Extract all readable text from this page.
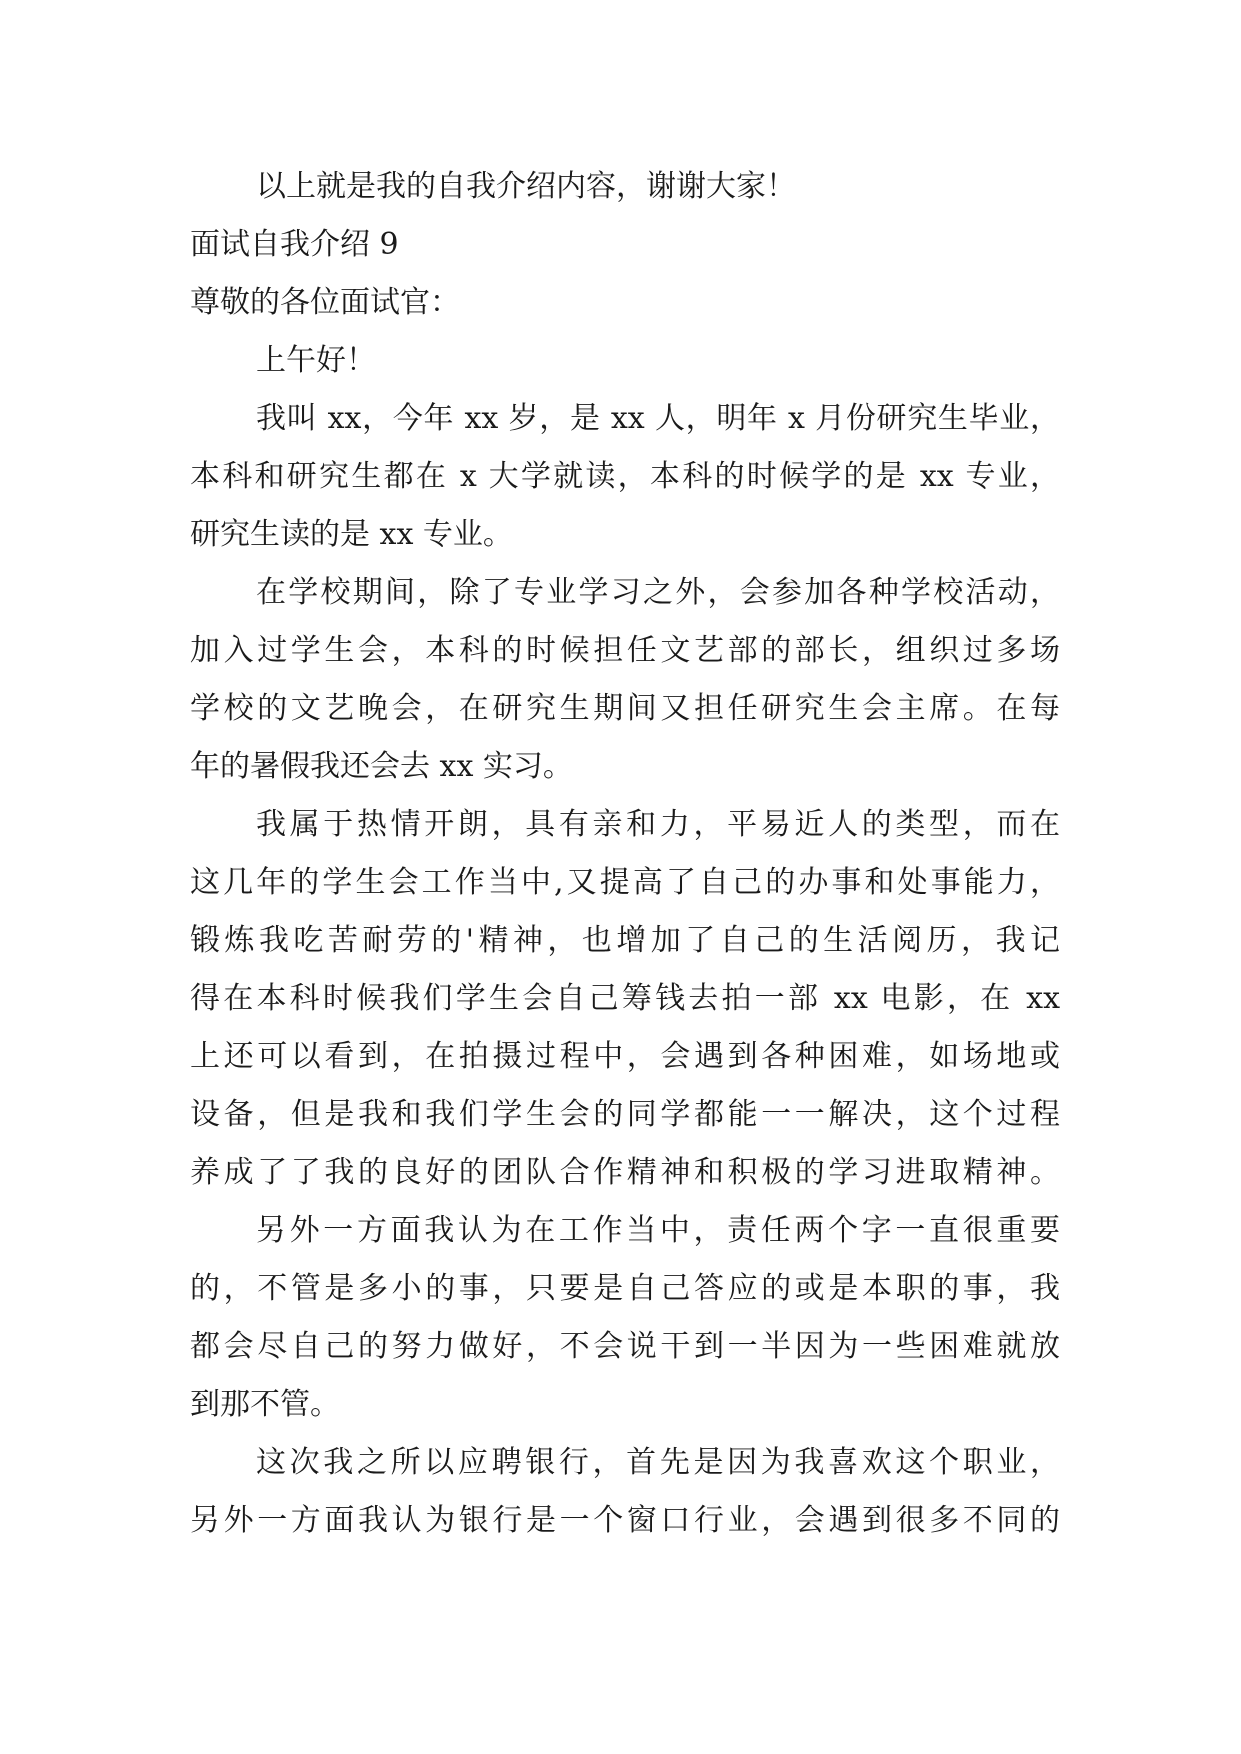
以上就是我的自我介绍内容，谢谢大家！
面试自我介绍 9
尊敬的各位面试官：
上午好！
我叫 xx，今年 xx 岁，是 xx 人，明年 x 月份研究生毕业，
本科和研究生都在 x 大学就读，本科的时候学的是 xx 专业，
研究生读的是 xx 专业。
在学校期间，除了专业学习之外，会参加各种学校活动，
加入过学生会，本科的时候担任文艺部的部长，组织过多场
学校的文艺晚会，在研究生期间又担任研究生会主席。在每
年的暑假我还会去 xx 实习。
我属于热情开朗，具有亲和力，平易近人的类型，而在
这几年的学生会工作当中,又提高了自己的办事和处事能力，
锻炼我吃苦耐劳的'精神，也增加了自己的生活阅历，我记
得在本科时候我们学生会自己筹钱去拍一部 xx 电影，在 xx
上还可以看到，在拍摄过程中，会遇到各种困难，如场地或
设备，但是我和我们学生会的同学都能一一解决，这个过程
养成了了我的良好的团队合作精神和积极的学习进取精神。
另外一方面我认为在工作当中，责任两个字一直很重要
的，不管是多小的事，只要是自己答应的或是本职的事，我
都会尽自己的努力做好，不会说干到一半因为一些困难就放
到那不管。
这次我之所以应聘银行，首先是因为我喜欢这个职业，
另外一方面我认为银行是一个窗口行业，会遇到很多不同的
